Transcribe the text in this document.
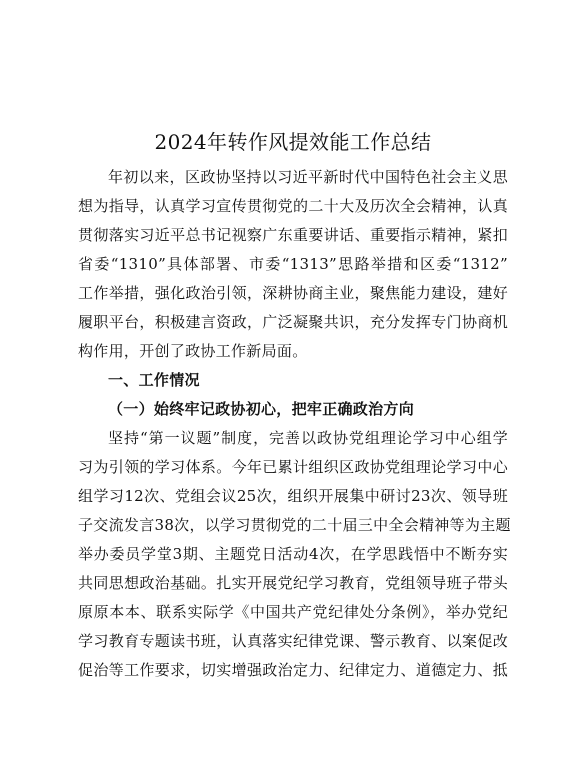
2024年转作风提效能工作总结
年初以来，区政协坚持以习近平新时代中国特色社会主义思
想为指导，认真学习宣传贯彻党的二十大及历次全会精神，认真
贯彻落实习近平总书记视察广东重要讲话、重要指示精神，紧扣
省委“1310”具体部署、市委“1313”思路举措和区委“1312”
工作举措，强化政治引领，深耕协商主业，聚焦能力建设，建好
履职平台，积极建言资政，广泛凝聚共识，充分发挥专门协商机
构作用，开创了政协工作新局面。
一、工作情况
（一）始终牢记政协初心，把牢正确政治方向
坚持“第一议题”制度，完善以政协党组理论学习中心组学
习为引领的学习体系。今年已累计组织区政协党组理论学习中心
组学习12次、党组会议25次，组织开展集中研讨23次、领导班
子交流发言38次，以学习贯彻党的二十届三中全会精神等为主题
举办委员学堂3期、主题党日活动4次，在学思践悟中不断夯实
共同思想政治基础。扎实开展党纪学习教育，党组领导班子带头
原原本本、联系实际学《中国共产党纪律处分条例》，举办党纪
学习教育专题读书班，认真落实纪律党课、警示教育、以案促改
促治等工作要求，切实增强政治定力、纪律定力、道德定力、抵
